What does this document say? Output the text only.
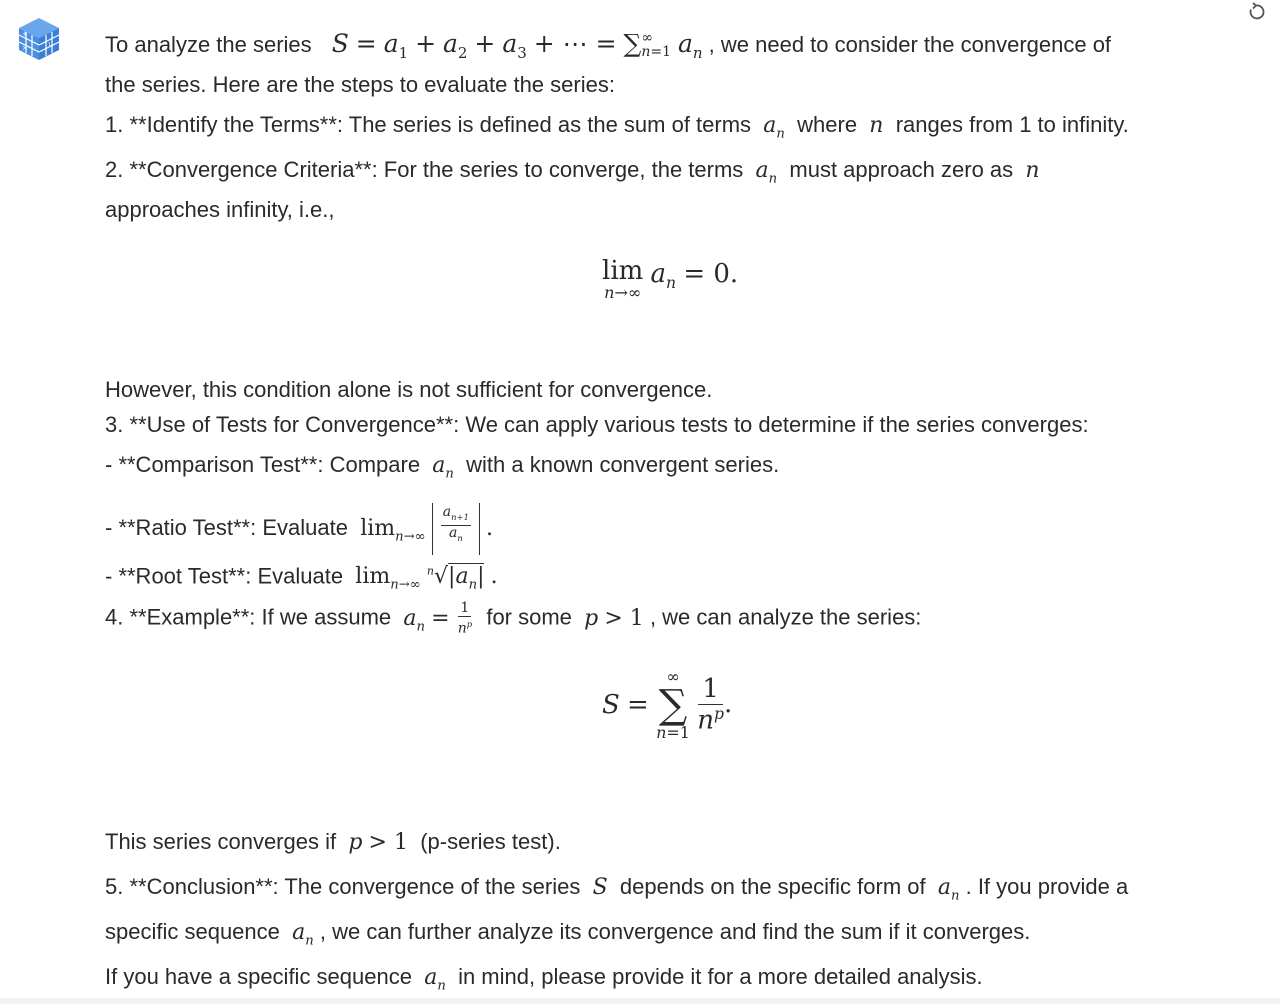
+
×	∪ To analyze the series $S = a_1 + a_2 + a_3$ + ⋯ = ∑ ∞
n=1 $a_n$ , we need to consider the convergence of
the series. Here are the steps to evaluate the series:
1. **Identify the Terms**: The series is defined as the sum of terms $a_n$ where n ranges from 1 to infinity.
2. **Convergence Criteria**: For the series to converge, the terms $a_n$ must approach zero as n
approaches infinity, i.e.,
lim
n→∞
$a_n = 0$.
However, this condition alone is not sufficient for convergence.
3. **Use of Tests for Convergence**: We can apply various tests to determine if the series converges:
- **Comparison Test**: Compare $a_n$ with a known convergent series.
- **Ratio Test**: Evaluate $\lim_{n\to\infty} \frac{a_{n+1}}{a_n}$ .
- **Root Test**: Evaluate $\lim_{n\to\infty} ^n√|a_n|$ .
4. **Example**: If we assume $a_n = \frac{1}{n^p}$ for some p > 1 , we can analyze the series:
S =
∞
∑
n=1
$\frac{1}{n^p}$ .
This series converges if p > 1 (p-series test).
5. **Conclusion**: The convergence of the series S depends on the specific form of $a_n$ . If you provide a
specific sequence $a_n$ , we can further analyze its convergence and find the sum if it converges.
If you have a specific sequence $a_n$ in mind, please provide it for a more detailed analysis.
